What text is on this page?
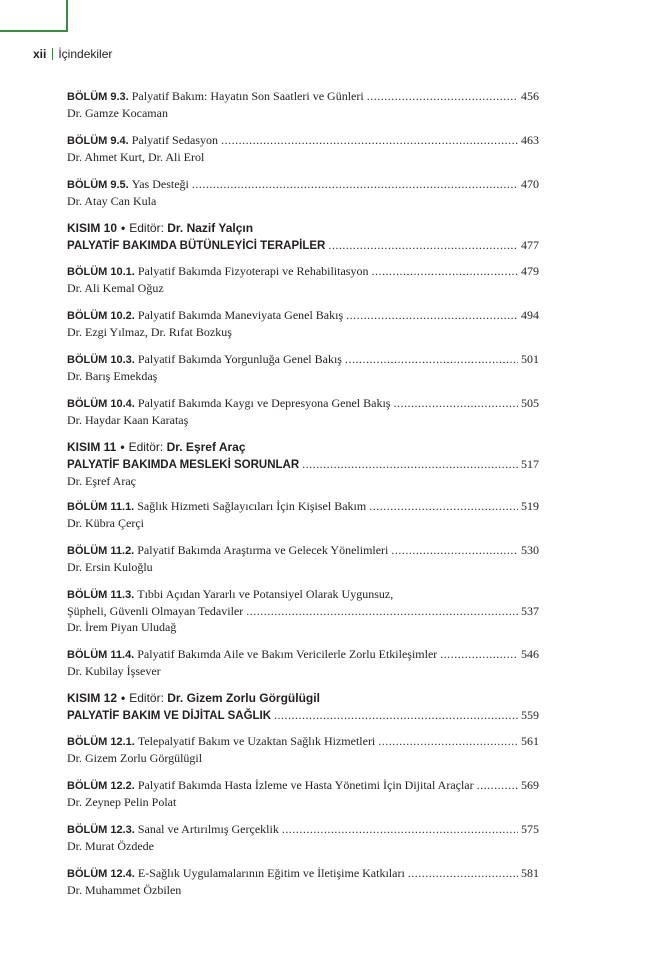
xii İçindekiler
BÖLÜM 9.3.
Palyatif Bakım: Hayatın Son Saatleri ve Günleri .....	456
Dr. Gamze Kocaman
BÖLÜM 9.4.
Palyatif Sedasyon .....	463
Dr. Ahmet Kurt, Dr. Ali Erol
BÖLÜM 9.5.
Yas Desteği .....	470
Dr. Atay Can Kula
KISIM 10 • Editör: Dr. Nazif Yalçın
PALYATİF BAKIMDA BÜTÜNLEYİCİ TERAPİLER .....	477
BÖLÜM 10.1.
Palyatif Bakımda Fizyoterapi ve Rehabilitasyon .....	479
Dr. Ali Kemal Oğuz
BÖLÜM 10.2.
Palyatif Bakımda Maneviyata Genel Bakış .....	494
Dr. Ezgi Yılmaz, Dr. Rıfat Bozkuş
BÖLÜM 10.3.
Palyatif Bakımda Yorgunluğa Genel Bakış .....	501
Dr. Barış Emekdaş
BÖLÜM 10.4.
Palyatif Bakımda Kaygı ve Depresyona Genel Bakış .....	505
Dr. Haydar Kaan Karataş
KISIM 11 • Editör: Dr. Eşref Araç
PALYATİF BAKIMDA MESLEKİ SORUNLAR .....	517
Dr. Eşref Araç
BÖLÜM 11.1.
Sağlık Hizmeti Sağlayıcıları İçin Kişisel Bakım .....	519
Dr. Kübra Çerçi
BÖLÜM 11.2.
Palyatif Bakımda Araştırma ve Gelecek Yönelimleri .....	530
Dr. Ersin Kuloğlu
BÖLÜM 11.3.
Tıbbi Açıdan Yararlı ve Potansiyel Olarak Uygunsuz,
Şüpheli, Güvenli Olmayan Tedaviler .....	537
Dr. İrem Piyan Uludağ
BÖLÜM 11.4.
Palyatif Bakımda Aile ve Bakım Vericilerle Zorlu Etkileşimler .....	546
Dr. Kubilay İşsever
KISIM 12 • Editör: Dr. Gizem Zorlu Görgülügil
PALYATİF BAKIM VE DİJİTAL SAĞLIK .....	559
BÖLÜM 12.1.
Telepalyatif Bakım ve Uzaktan Sağlık Hizmetleri .....	561
Dr. Gizem Zorlu Görgülügil
BÖLÜM 12.2.
Palyatif Bakımda Hasta İzleme ve Hasta Yönetimi İçin Dijital Araçlar .....	569
Dr. Zeynep Pelin Polat
BÖLÜM 12.3.
Sanal ve Artırılmış Gerçeklik .....	575
Dr. Murat Özdede
BÖLÜM 12.4.
E-Sağlık Uygulamalarının Eğitim ve İletişime Katkıları .....	581
Dr. Muhammet Özbilen
